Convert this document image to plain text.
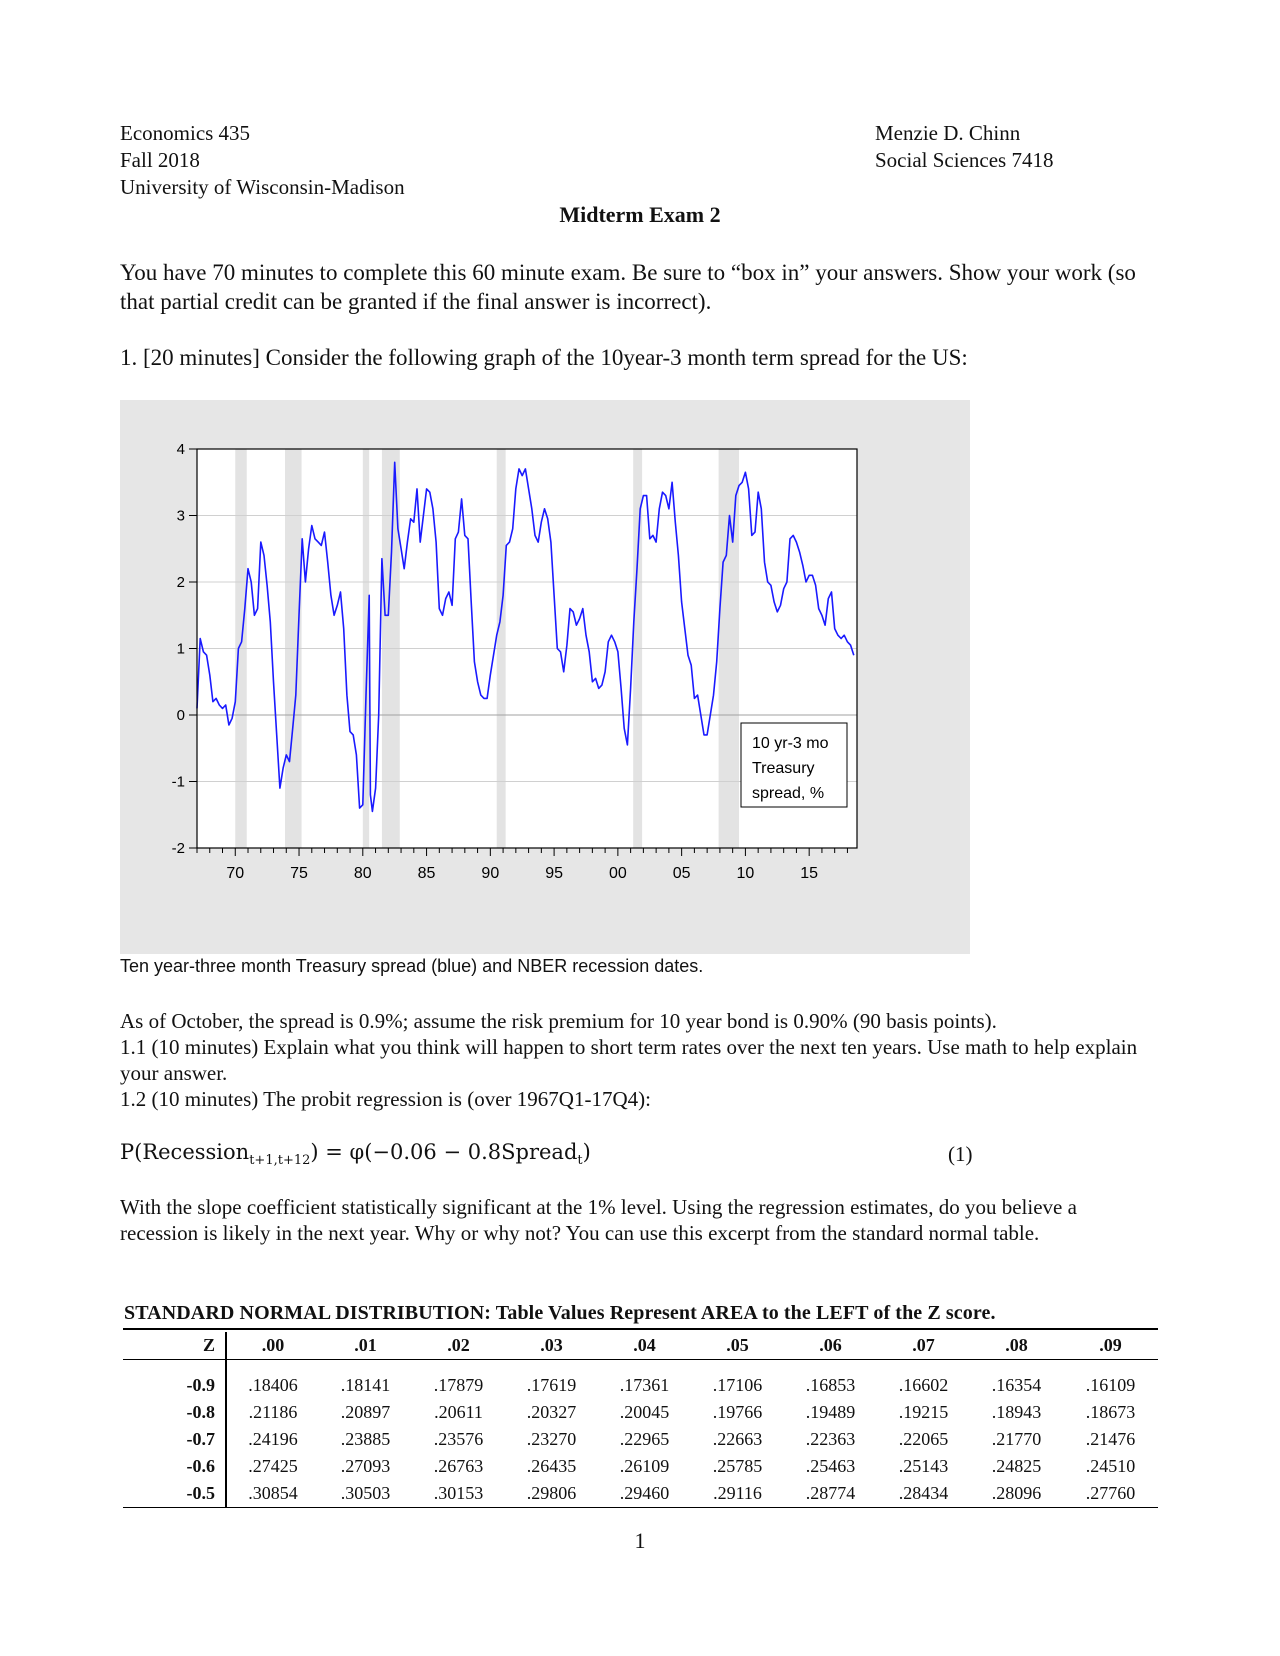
Economics 435
Fall 2018
University of Wisconsin-Madison
Menzie D. Chinn
Social Sciences 7418
Midterm Exam 2
You have 70 minutes to complete this 60 minute exam. Be sure to “box in” your answers. Show your work (so that partial credit can be granted if the final answer is incorrect).
1. [20 minutes] Consider the following graph of the 10year-3 month term spread for the US:
4
3
2
1
0
-1
-2
70	75	80	85	90	95	00	05	10	15
10 yr-3 mo
Treasury
spread, %
Ten year-three month Treasury spread (blue) and NBER recession dates.
As of October, the spread is 0.9%; assume the risk premium for 10 year bond is 0.90% (90 basis points).
1.1 (10 minutes) Explain what you think will happen to short term rates over the next ten years. Use math to help explain your answer.
1.2 (10 minutes) The probit regression is (over 1967Q1-17Q4):
P(Recession$_{t+1,t+12}$) = φ(−0.06 − 0.8Spread$_t$)	(1)
With the slope coefficient statistically significant at the 1% level. Using the regression estimates, do you believe a recession is likely in the next year. Why or why not? You can use this excerpt from the standard normal table.
STANDARD NORMAL DISTRIBUTION: Table Values Represent AREA to the LEFT of the Z score.
Z	.00	.01	.02	.03	.04	.05	.06	.07	.08	.09
-0.9	.18406	.18141	.17879	.17619	.17361	.17106	.16853	.16602	.16354	.16109
-0.8	.21186	.20897	.20611	.20327	.20045	.19766	.19489	.19215	.18943	.18673
-0.7	.24196	.23885	.23576	.23270	.22965	.22663	.22363	.22065	.21770	.21476
-0.6	.27425	.27093	.26763	.26435	.26109	.25785	.25463	.25143	.24825	.24510
-0.5	.30854	.30503	.30153	.29806	.29460	.29116	.28774	.28434	.28096	.27760
1
